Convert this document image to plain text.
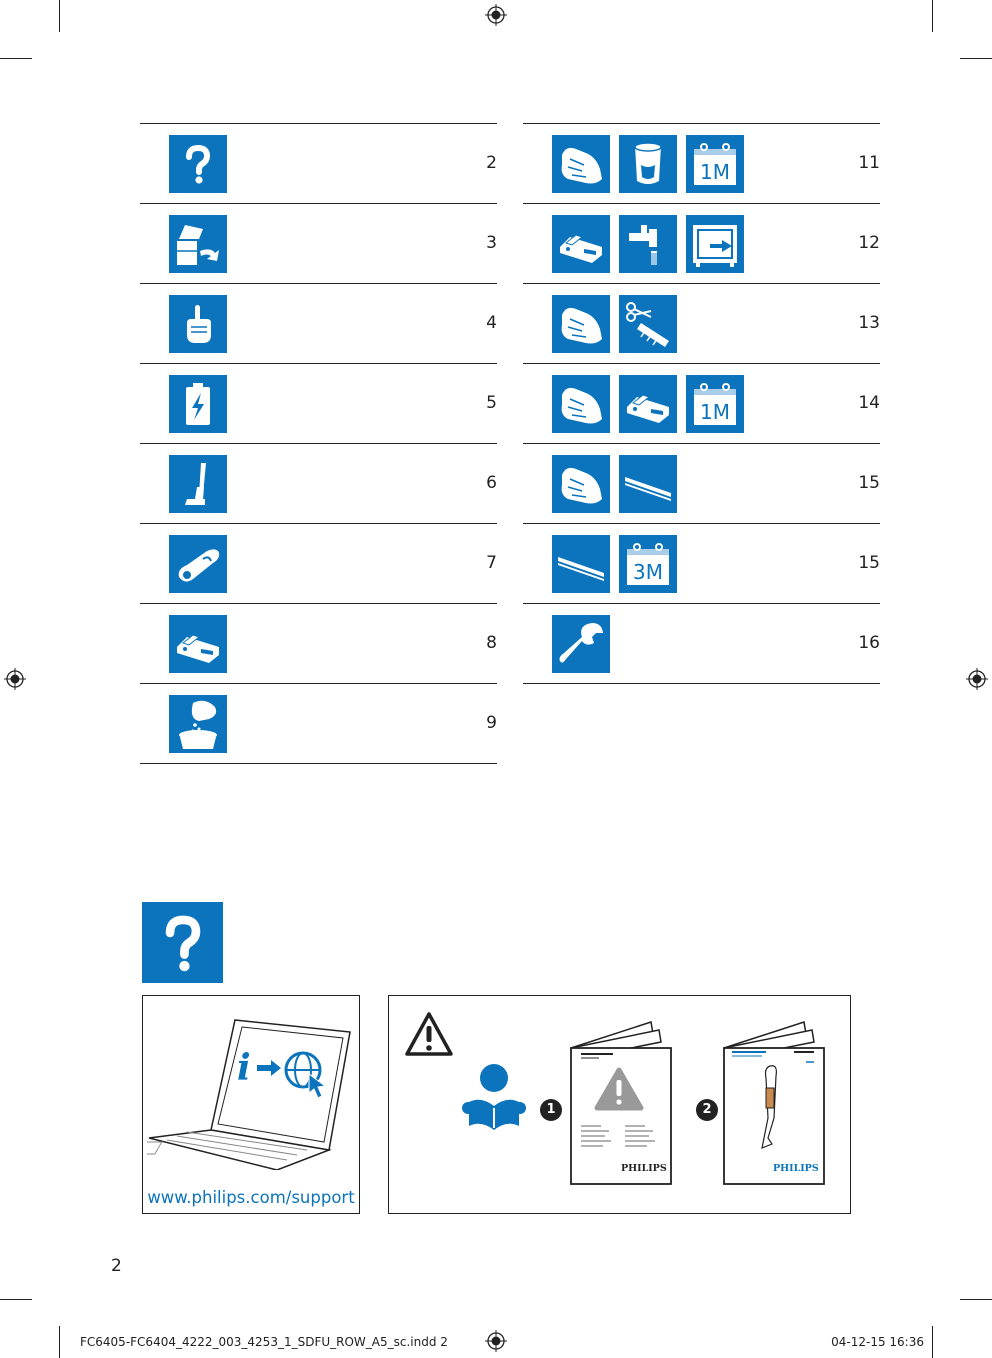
2
3
4
5
6
7
8
9
1M	11
12
13
1M	14
15
3M	15
16
i
www.philips.com/support
1
PHILIPS
2
PHILIPS
2
FC6405-FC6404_4222_003_4253_1_SDFU_ROW_A5_sc.indd 2	04-12-15 16:36
